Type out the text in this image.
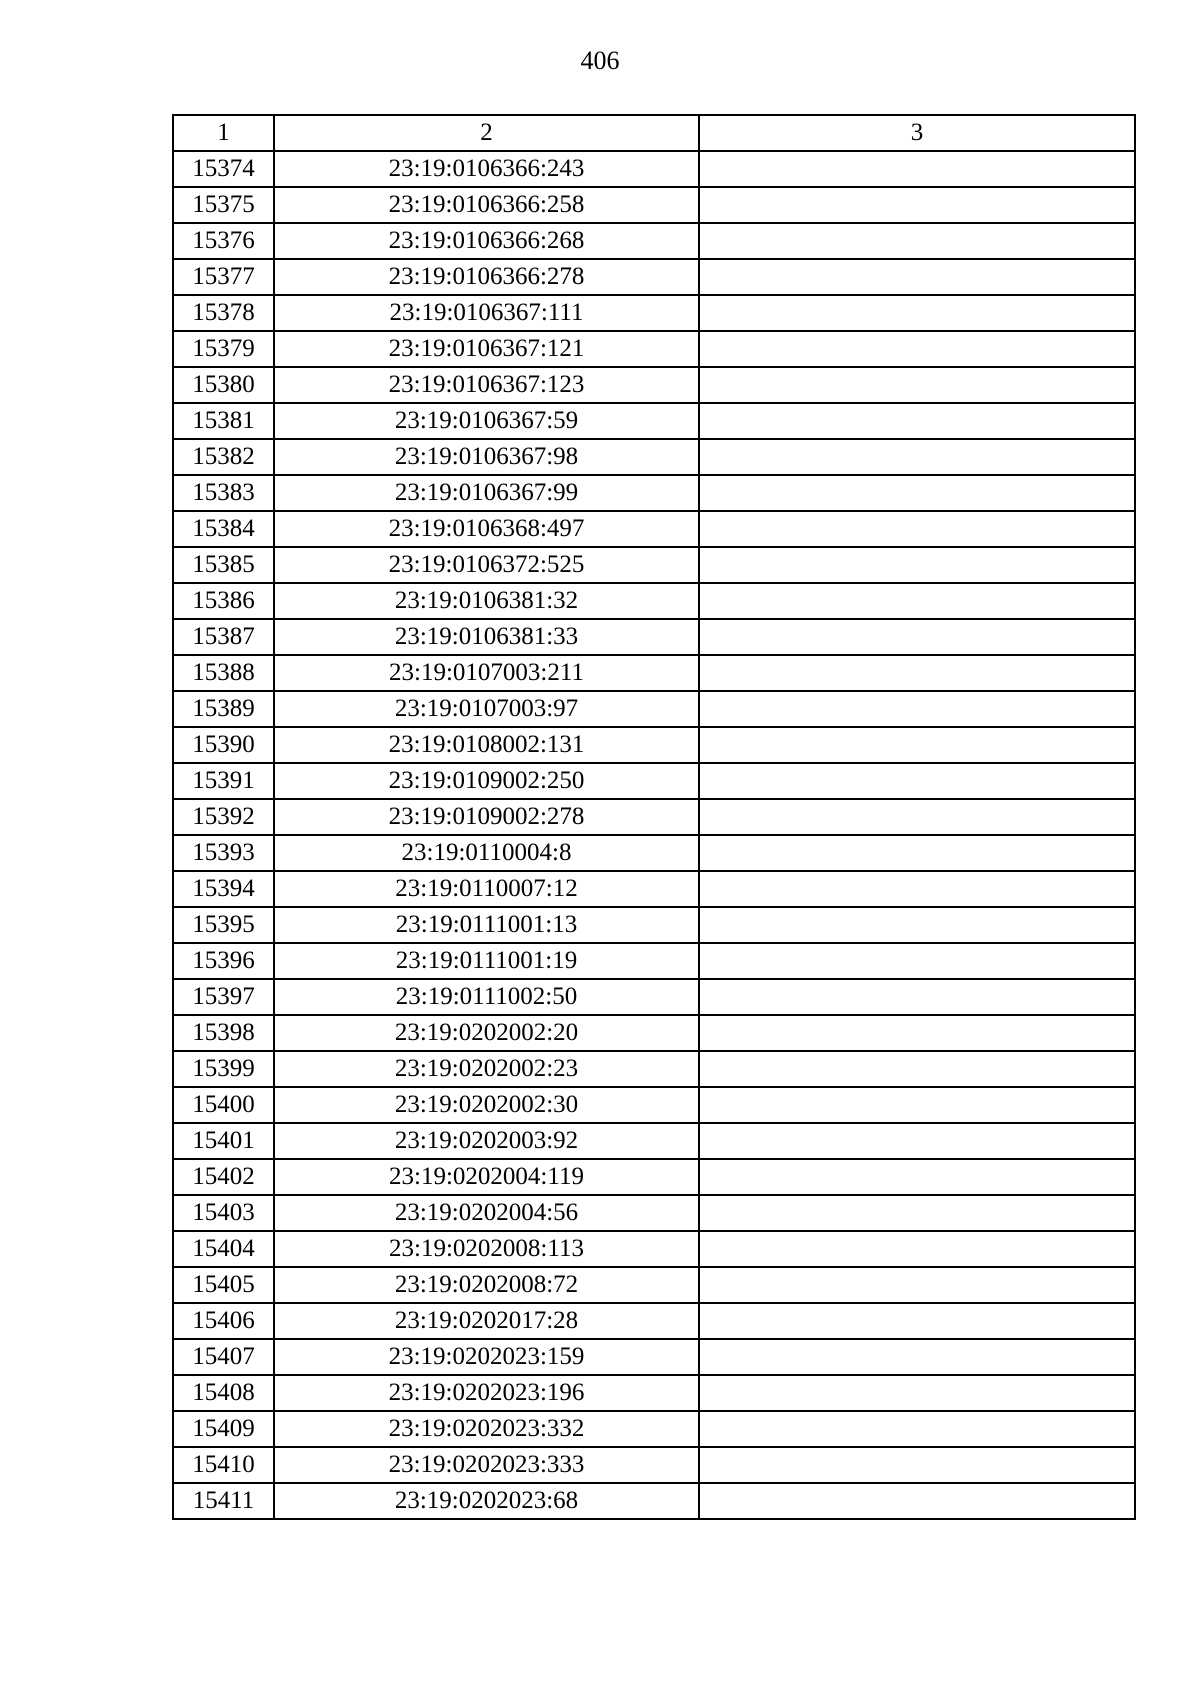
406
1	2	3
15374	23:19:0106366:243	
15375	23:19:0106366:258	
15376	23:19:0106366:268	
15377	23:19:0106366:278	
15378	23:19:0106367:111	
15379	23:19:0106367:121	
15380	23:19:0106367:123	
15381	23:19:0106367:59	
15382	23:19:0106367:98	
15383	23:19:0106367:99	
15384	23:19:0106368:497	
15385	23:19:0106372:525	
15386	23:19:0106381:32	
15387	23:19:0106381:33	
15388	23:19:0107003:211	
15389	23:19:0107003:97	
15390	23:19:0108002:131	
15391	23:19:0109002:250	
15392	23:19:0109002:278	
15393	23:19:0110004:8	
15394	23:19:0110007:12	
15395	23:19:0111001:13	
15396	23:19:0111001:19	
15397	23:19:0111002:50	
15398	23:19:0202002:20	
15399	23:19:0202002:23	
15400	23:19:0202002:30	
15401	23:19:0202003:92	
15402	23:19:0202004:119	
15403	23:19:0202004:56	
15404	23:19:0202008:113	
15405	23:19:0202008:72	
15406	23:19:0202017:28	
15407	23:19:0202023:159	
15408	23:19:0202023:196	
15409	23:19:0202023:332	
15410	23:19:0202023:333	
15411	23:19:0202023:68	
